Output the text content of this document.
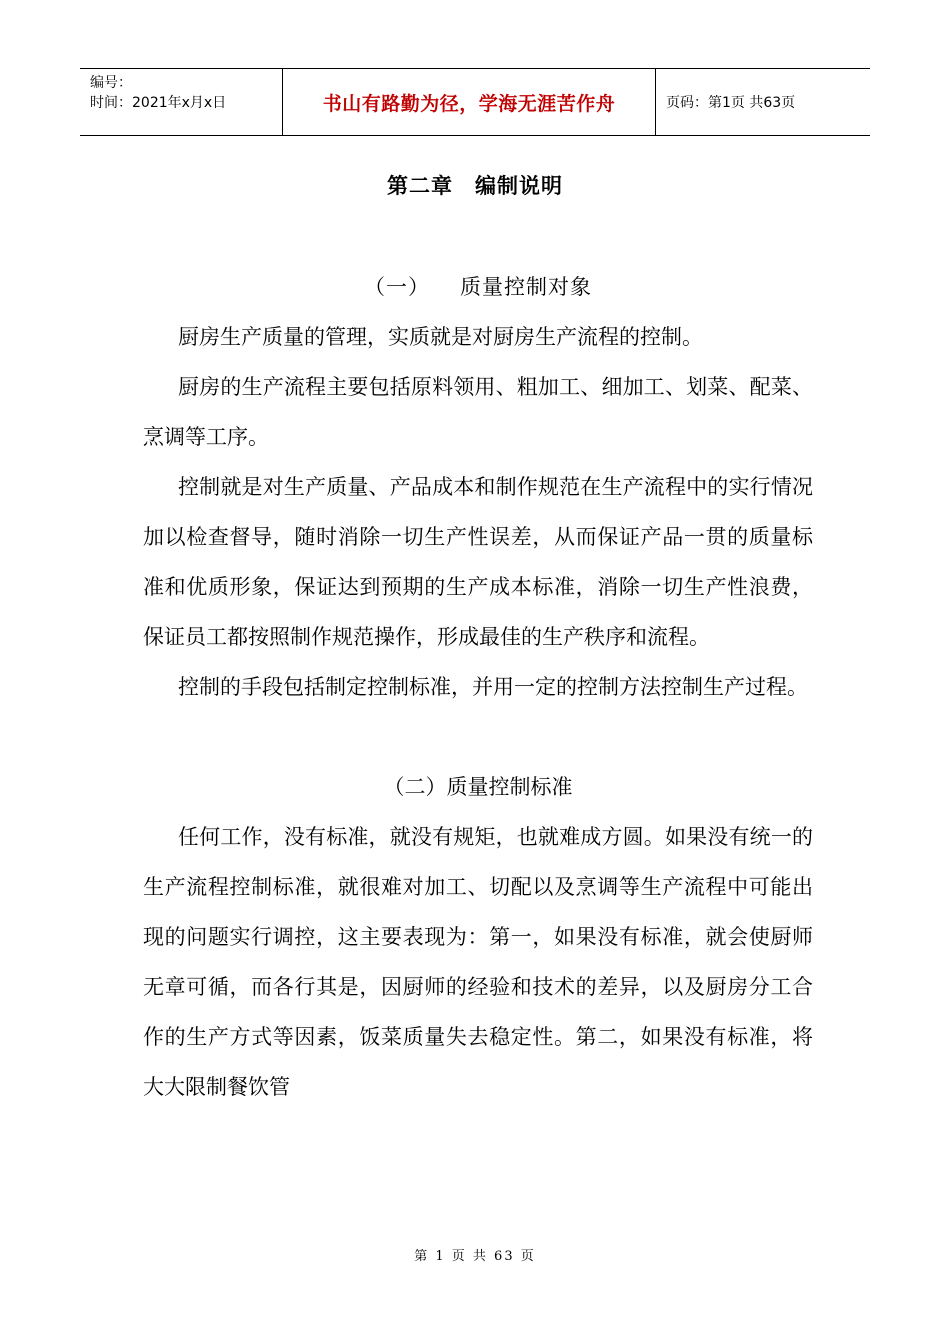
编号：
时间：2021年x月x日	书山有路勤为径，学海无涯苦作舟	页码：第1页 共63页
第二章　编制说明
（一） 质量控制对象

厨房生产质量的管理，实质就是对厨房生产流程的控制。

厨房的生产流程主要包括原料领用、粗加工、细加工、划菜、配菜、烹调等工序。

控制就是对生产质量、产品成本和制作规范在生产流程中的实行情况加以检查督导，随时消除一切生产性误差，从而保证产品一贯的质量标准和优质形象，保证达到预期的生产成本标准，消除一切生产性浪费，保证员工都按照制作规范操作，形成最佳的生产秩序和流程。

控制的手段包括制定控制标准，并用一定的控制方法控制生产过程。

（二）质量控制标准

任何工作，没有标准，就没有规矩，也就难成方圆。如果没有统一的生产流程控制标准，就很难对加工、切配以及烹调等生产流程中可能出现的问题实行调控，这主要表现为：第一，如果没有标准，就会使厨师无章可循，而各行其是，因厨师的经验和技术的差异，以及厨房分工合作的生产方式等因素，饭菜质量失去稳定性。第二，如果没有标准，将大大限制餐饮管

第 1 页 共 63 页
